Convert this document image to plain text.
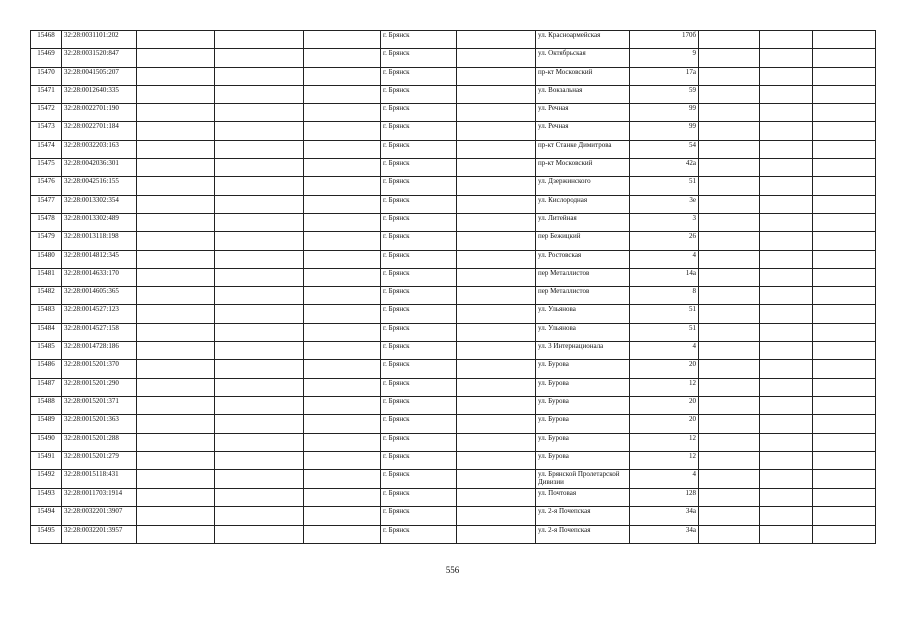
15468	32:28:0031101:202				г. Брянск		ул. Красноармейская	170б			
15469	32:28:0031520:847				г. Брянск		ул. Октябрьская	9			
15470	32:28:0041505:207				г. Брянск		пр-кт Московский	17а			
15471	32:28:0012640:335				г. Брянск		ул. Вокзальная	59			
15472	32:28:0022701:190				г. Брянск		ул. Речная	99			
15473	32:28:0022701:184				г. Брянск		ул. Речная	99			
15474	32:28:0032203:163				г. Брянск		пр-кт Станке Димитрова	54			
15475	32:28:0042036:301				г. Брянск		пр-кт Московский	42а			
15476	32:28:0042516:155				г. Брянск		ул. Дзержинского	51			
15477	32:28:0013302:354				г. Брянск		ул. Кислородная	3е			
15478	32:28:0013302:489				г. Брянск		ул. Литейная	3			
15479	32:28:0013118:198				г. Брянск		пер Бежицкий	26			
15480	32:28:0014812:345				г. Брянск		ул. Ростовская	4			
15481	32:28:0014633:170				г. Брянск		пер Металлистов	14а			
15482	32:28:0014605:365				г. Брянск		пер Металлистов	8			
15483	32:28:0014527:123				г. Брянск		ул. Ульянова	51			
15484	32:28:0014527:158				г. Брянск		ул. Ульянова	51			
15485	32:28:0014728:186				г. Брянск		ул. 3 Интернационала	4			
15486	32:28:0015201:370				г. Брянск		ул. Бурова	20			
15487	32:28:0015201:290				г. Брянск		ул. Бурова	12			
15488	32:28:0015201:371				г. Брянск		ул. Бурова	20			
15489	32:28:0015201:363				г. Брянск		ул. Бурова	20			
15490	32:28:0015201:288				г. Брянск		ул. Бурова	12			
15491	32:28:0015201:279				г. Брянск		ул. Бурова	12			
15492	32:28:0015118:431				г. Брянск		ул. Брянской Пролетарской Дивизии	4			
15493	32:28:0011703:1914				г. Брянск		ул. Почтовая	128			
15494	32:28:0032201:3907				г. Брянск		ул. 2-я Почепская	34а			
15495	32:28:0032201:3957				г. Брянск		ул. 2-я Почепская	34а			
556
